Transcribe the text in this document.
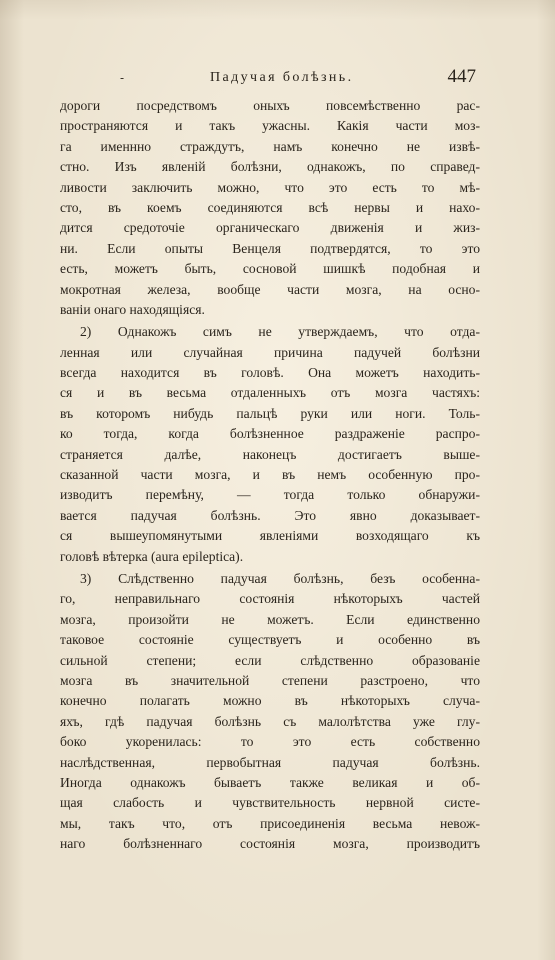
-	Падучая болѣзнь.	447
дороги посредствомъ оныхъ повсемѣственно рас-
пространяются и такъ ужасны. Какія части моз-
га именнно страждутъ, намъ конечно не извѣ-
стно. Изъ явленій болѣзни, однакожъ, по справед-
ливости заключить можно, что это есть то мѣ-
сто, въ коемъ соединяются всѣ нервы и нахо-
дится средоточіе органическаго движенія и жиз-
ни. Если опыты Венцеля подтвердятся, то это
есть, можетъ быть, сосновой шишкѣ подобная и
мокротная железа, вообще части мозга, на осно-
ваніи онаго находящіяся.
2) Однакожъ симъ не утверждаемъ, что отда-
ленная или случайная причина падучей болѣзни
всегда находится въ головѣ. Она можетъ находить-
ся и въ весьма отдаленныхъ отъ мозга частяхъ:
въ которомъ нибудь пальцѣ руки или ноги. Толь-
ко тогда, когда болѣзненное раздраженіе распро-
страняется далѣе, наконецъ достигаетъ выше-
сказанной части мозга, и въ немъ особенную про-
изводитъ перемѣну, — тогда только обнаружи-
вается падучая болѣзнь. Это явно доказывает-
ся вышеупомянутыми явленіями возходящаго къ
головѣ вѣтерка (aura epileptica).
3) Слѣдственно падучая болѣзнь, безъ особенна-
го, неправильнаго состоянія нѣкоторыхъ частей
мозга, произойти не можетъ. Если единственно
таковое состояніе существуетъ и особенно въ
сильной степени; если слѣдственно образованіе
мозга въ значительной степени разстроено, что
конечно полагать можно въ нѣкоторыхъ случа-
яхъ, гдѣ падучая болѣзнь съ малолѣтства уже глу-
боко укоренилась: то это есть собственно
наслѣдственная, первобытная падучая болѣзнь.
Иногда однакожъ бываетъ также великая и об-
щая слабость и чувствительность нервной систе-
мы, такъ что, отъ присоединенія весьма невож-
наго болѣзненнаго состоянія мозга, производитъ
